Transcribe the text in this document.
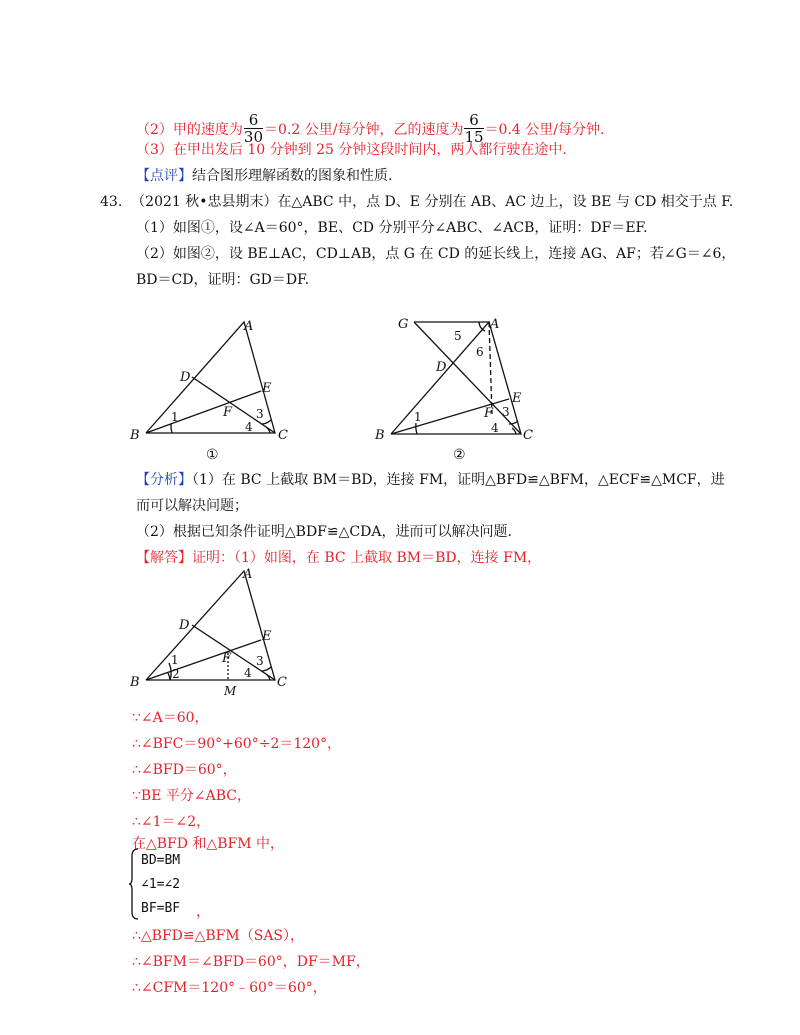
（2）甲的速度为 $\frac{6}{30} =0.2$ 公里/每分钟，乙的速度为 $\frac{6}{15} =0.4$ 公里/每分钟.
（3）在甲出发后 10 分钟到 25 分钟这段时间内，两人都行驶在途中.
【点评】结合图形理解函数的图象和性质.
43. （2021 秋•忠县期末）在△ABC 中，点 D、E 分别在 AB、AC 边上，设 BE 与 CD 相交于点 F.
（1）如图①，设∠A＝60°，BE、CD 分别平分∠ABC、∠ACB，证明：DF＝EF.
（2）如图②，设 BE⊥AC，CD⊥AB，点 G 在 CD 的延长线上，连接 AG、AF；若∠G＝∠6，
BD＝CD，证明：GD＝DF.
A
D
E
F
B	C
1	3
4
①
G	A
5
6
D
E
F 3
4
1
B	C
②
【分析】（1）在 BC 上截取 BM＝BD，连接 FM，证明△BFD≌△BFM，△ECF≌△MCF，进
而可以解决问题；
（2）根据已知条件证明△BDF≌△CDA，进而可以解决问题.
【解答】证明：（1）如图，在 BC 上截取 BM＝BD，连接 FM，
A
D
E
F
B	C
M
1
2
3
4
∵∠A＝60，
∴∠BFC＝90°+60°÷2＝120°，
∴∠BFD＝60°，
∵BE 平分∠ABC，
∴∠1＝∠2，
在△BFD 和△BFM 中，
BD=BM
∠1=∠2
BF=BF ，
∴△BFD≌△BFM（SAS），
∴∠BFM＝∠BFD＝60°，DF＝MF，
∴∠CFM＝120°﹣60°＝60°，
